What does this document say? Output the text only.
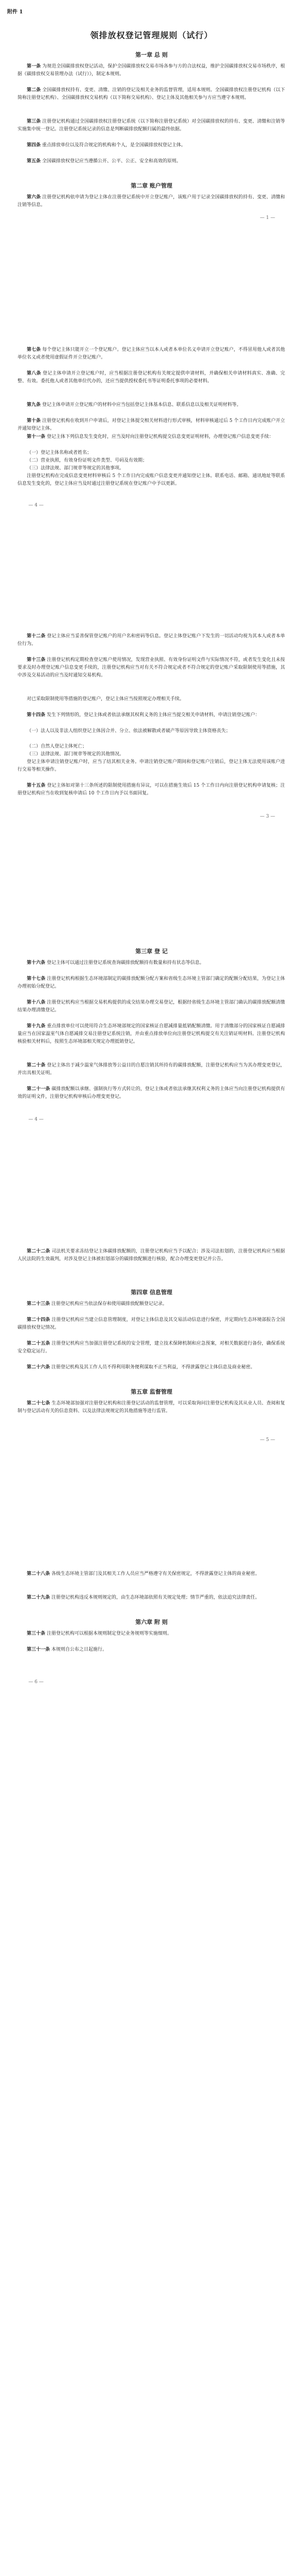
附件 1
领排放权登记管理规则（试行）
第一章 总 则
第一条 为规范全国碳排放权登记活动，保护全国碳排放权交易市场各参与方的合法权益，维护全国碳排放权交易市场秩序，根据《碳排放权交易管理办法（试行）》，制定本规则。
第二条 全国碳排放权持有、变更、清缴、注销的登记及相关业务的监督管理，适用本规则。全国碳排放权注册登记机构（以下简称注册登记机构）、全国碳排放权交易机构（以下简称交易机构）、登记主体及其他相关参与方应当遵守本规则。
第三条 注册登记机构通过全国碳排放权注册登记系统（以下简称注册登记系统）对全国碳排放权的持有、变更、清缴和注销等实施集中统一登记。注册登记系统记录的信息是判断碳排放配额归属的最终依据。
第四条 重点排放单位以及符合规定的机构和个人，是全国碳排放权登记主体。
第五条 全国碳排放权登记应当遵循公开、公平、公正、安全和高效的原则。
第二章 账户管理
第六条 注册登记机构依申请为登记主体在注册登记系统中开立登记账户，该账户用于记录全国碳排放权的持有、变更、清缴和注销等信息。
— 1 —
第七条 每个登记主体只能开立一个登记账户。登记主体应当以本人或者本单位名义申请开立登记账户，不得冒用他人或者其他单位名义或者使用虚假证件开立登记账户。
第八条 登记主体申请开立登记账户时，应当根据注册登记机构有关规定提供申请材料，并确保相关申请材料真实、准确、完整、有效。委托他人或者其他单位代办的，还应当提供授权委托书等证明委托事项的必要材料。
第九条 登记主体申请开立登记账户的材料中应当包括登记主体基本信息、联系信息以及相关证明材料等。
第十条 注册登记机构在收到开户申请后，对登记主体提交相关材料进行形式审核，材料审核通过后 5 个工作日内完成账户开立并通知登记主体。
第十一条 登记主体下列信息发生变化时，应当及时向注册登记机构提交信息变更证明材料，办理登记账户信息变更手续：
（一）登记主体名称或者姓名；
（二）营业执照，有效身份证明文件类型、号码及有效期；
（三）法律法规、部门规章等规定的其他事项。
注册登记机构在完成信息变更材料审核后 5 个工作日内完成账户信息变更并通知登记主体。联系电话、邮箱、通讯地址等联系信息发生变化的，登记主体应当及时通过注册登记系统在登记账户中予以更新。
— 4 —
第十二条 登记主体应当妥善保管登记账户的用户名和密码等信息。登记主体登记账户下发生的一切活动均视为其本人或者本单位行为。
第十三条 注册登记机构定期检查登记账户使用情况，发现营业执照、有效身份证明文件与实际情况不符，或者发生变化且未按要求及时办理登记账户信息变更手续的，注册登记机构应当对有关不符合规定或者不符合规定的登记账户采取限制使用等措施，其中涉及交易活动的应当及时通知交易机构。
对已采取限制使用等措施的登记账户，登记主体应当按照规定办理相关手续。
第十四条 发生下列情形的，登记主体或者依法承继其权利义务的主体应当提交相关申请材料，申请注销登记账户：
（一）法人以及非法人组织登记主体因合并、分立、依法被解散或者破产等原因导致主体资格丧失；
（二）自然人登记主体死亡；
（三）法律法规、部门规章等规定的其他情况。
登记主体申请注销登记账户时，应当了结其相关业务。申请注销登记账户期间和登记账户注销后，登记主体无法使用该账户进行交易等相关操作。
第十五条 登记主体如对第十三条所述的限制使用措施有异议，可以在措施生效后 15 个工作日内向注册登记机构申请复核；注册登记机构应当在收到复核申请后 10 个工作日内予以书面回复。
— 3 —
第三章 登 记
第十六条 登记主体可以通过注册登记系统查询碳排放配额持有数量和持有状态等信息。
第十七条 注册登记机构根据生态环境部制定的碳排放配额分配方案和省级生态环境主管部门确定的配额分配结果，为登记主体办理初始分配登记。
第十八条 注册登记机构应当根据交易机构提供的成交结果办理交易登记，根据经省级生态环境主管部门确认的碳排放配额清缴结果办理清缴登记。
第十九条 重点排放单位可以使用符合生态环境部规定的国家核证自愿减排量抵销配额清缴。用于清缴部分的国家核证自愿减排量应当在国家温室气体自愿减排交易注册登记系统注销，并由重点排放单位向注册登记机构提交有关注销证明材料。注册登记机构核验相关材料后，按照生态环境部相关规定办理抵销登记。
第二十条 登记主体出于减少温室气体排放等公益目的自愿注销其所持有的碳排放配额，注册登记机构应当为其办理变更登记，并出具相关证明。
第二十一条 碳排放配额以承继、强制执行等方式转让的，登记主体或者依法承继其权利义务的主体应当向注册登记机构提供有效的证明文件，注册登记机构审核后办理变更登记。
— 4 —
第二十二条 司法机关要求冻结登记主体碳排放配额的，注册登记机构应当予以配合；涉及司法扣划的，注册登记机构应当根据人民法院的生效裁判，对涉及登记主体被扣划部分的碳排放配额进行核验，配合办理变更登记并公告。
第四章 信息管理
第二十三条 注册登记机构应当依法保存和使用碳排放配额登记记录。
第二十四条 注册登记机构应当建立信息管理制度，对登记主体信息及其交易活动信息进行保密，并定期向生态环境部报告全国碳排放权登记情况。
第二十五条 注册登记机构应当加强注册登记系统的安全管理，建立技术保障机制和应急预案，对相关数据进行备份，确保系统安全稳定运行。
第二十六条 注册登记机构及其工作人员不得利用职务便利谋取不正当利益，不得泄露登记主体信息及商业秘密。
第五章 监督管理
第二十七条 生态环境部加强对注册登记机构和注册登记活动的监督管理，可以采取询问注册登记机构及其从业人员、查阅和复制与登记活动有关的信息资料、以及法律法规规定的其他措施等进行监管。
— 5 —
第二十八条 各级生态环境主管部门及其相关工作人员应当严格遵守有关保密规定，不得泄露登记主体的商业秘密。
第二十九条 注册登记机构违反本规则规定的，由生态环境部依照有关规定处理；情节严重的，依法追究法律责任。
第六章 附 则
第三十条 注册登记机构可以根据本规则制定登记业务规则等实施细则。
第三十一条 本规则自公布之日起施行。
— 6 —
